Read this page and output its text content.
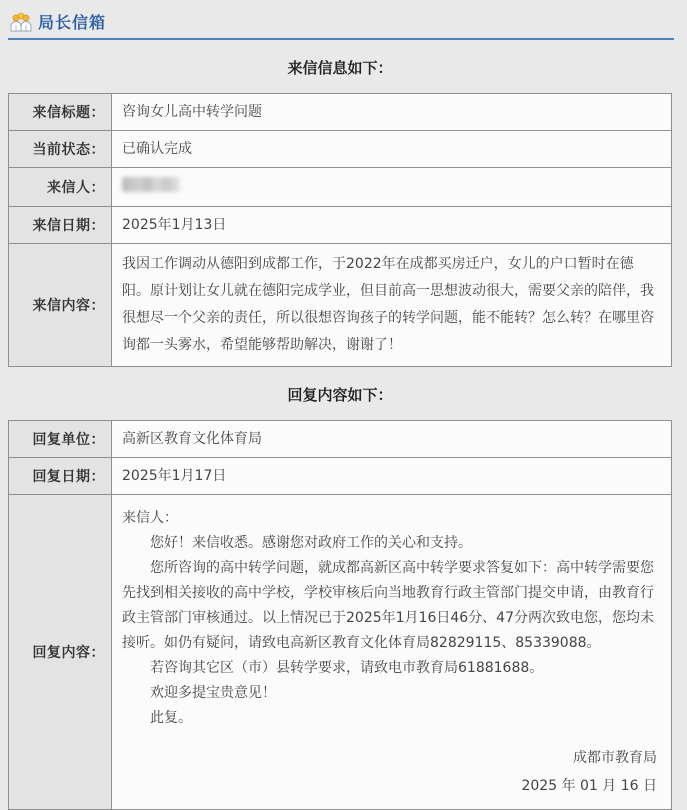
局长信箱
来信信息如下：
来信标题：	咨询女儿高中转学问题
当前状态：	已确认完成
来信人：	
来信日期：	2025年1月13日
来信内容：	我因工作调动从德阳到成都工作，于2022年在成都买房迁户，女儿的户口暂时在德阳。原计划让女儿就在德阳完成学业，但目前高一思想波动很大，需要父亲的陪伴，我很想尽一个父亲的责任，所以很想咨询孩子的转学问题，能不能转？怎么转？在哪里咨询都一头雾水，希望能够帮助解决，谢谢了！
回复内容如下：
回复单位：	高新区教育文化体育局
回复日期：	2025年1月17日
回复内容：	

来信人：

您好！来信收悉。感谢您对政府工作的关心和支持。

您所咨询的高中转学问题，就成都高新区高中转学要求答复如下：高中转学需要您先找到相关接收的高中学校，学校审核后向当地教育行政主管部门提交申请，由教育行政主管部门审核通过。以上情况已于2025年1月16日46分、47分两次致电您，您均未接听。如仍有疑问，请致电高新区教育文化体育局82829115、85339088。

若咨询其它区（市）县转学要求，请致电市教育局61881688。

欢迎多提宝贵意见！

此复。

成都市教育局
2025 年 01 月 16 日
